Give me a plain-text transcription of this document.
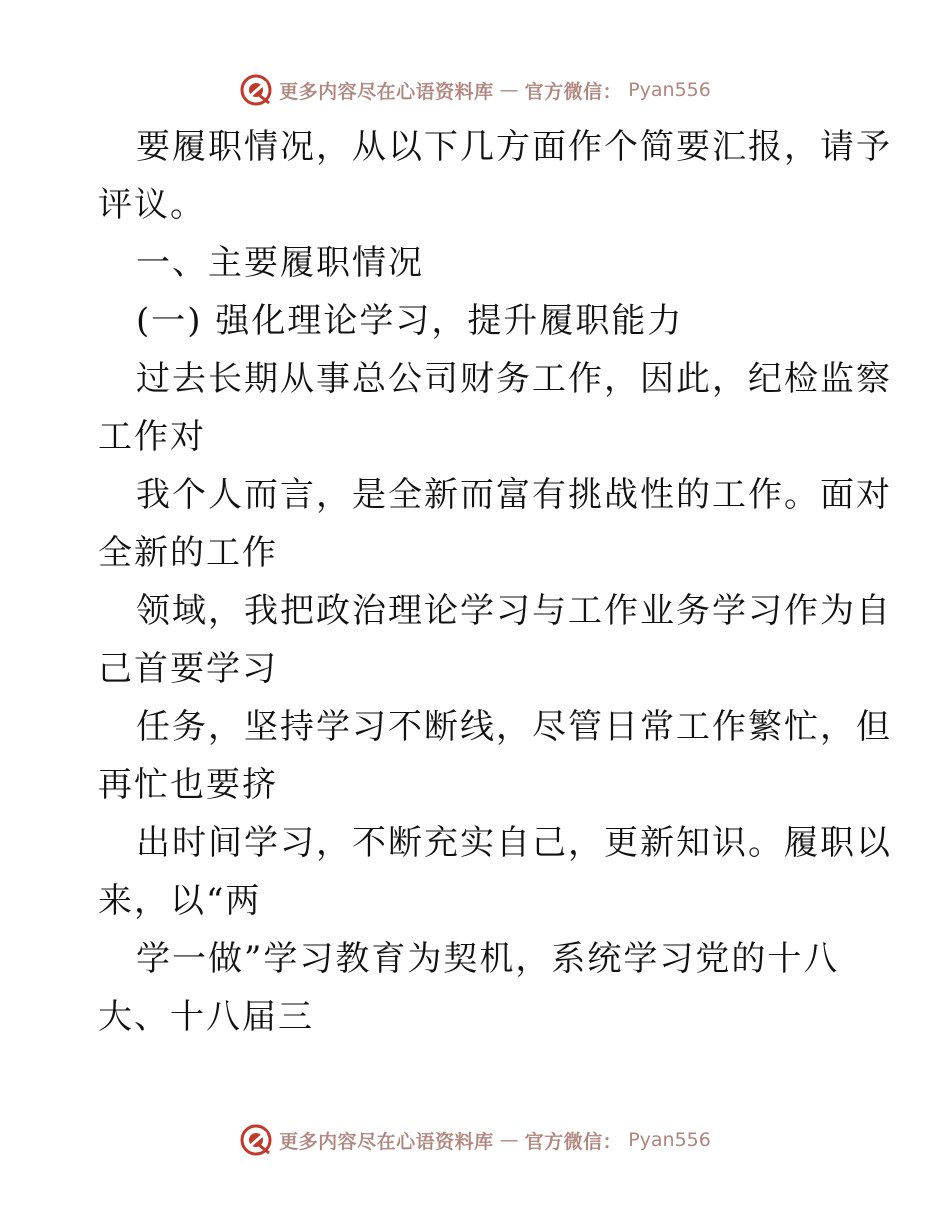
更多内容尽在心语资料库 — 官方微信： Pyan556
要履职情况，从以下几方面作个简要汇报，请予
评议。
一、主要履职情况
(一) 强化理论学习，提升履职能力
过去长期从事总公司财务工作，因此，纪检监察
工作对
我个人而言，是全新而富有挑战性的工作。面对
全新的工作
领域，我把政治理论学习与工作业务学习作为自
己首要学习
任务，坚持学习不断线，尽管日常工作繁忙，但
再忙也要挤
出时间学习，不断充实自己，更新知识。履职以
来，以“两
学一做”学习教育为契机，系统学习党的十八
大、十八届三
更多内容尽在心语资料库 — 官方微信： Pyan556
